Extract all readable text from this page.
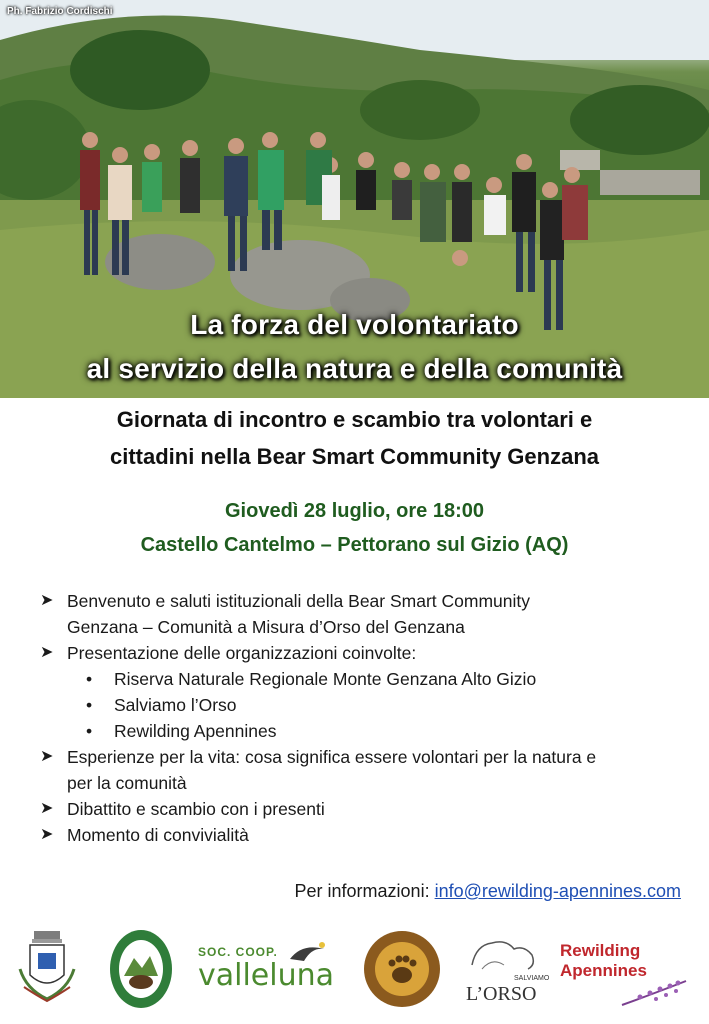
Ph. Fabrizio Cordischi
La forza del volontariato
al servizio della natura e della comunità
Giornata di incontro e scambio tra volontari e
cittadini nella Bear Smart Community Genzana
Giovedì 28 luglio, ore 18:00
Castello Cantelmo – Pettorano sul Gizio (AQ)
➤ Benvenuto e saluti istituzionali della Bear Smart Community
Genzana – Comunità a Misura d’Orso del Genzana
➤ Presentazione delle organizzazioni coinvolte:
• Riserva Naturale Regionale Monte Genzana Alto Gizio
• Salviamo l’Orso
• Rewilding Apennines
➤ Esperienze per la vita: cosa significa essere volontari per la natura e
per la comunità
➤ Dibattito e scambio con i presenti
➤ Momento di convivialità
Per informazioni: info@rewilding-apennines.com
SOC. COOP.
valleluna	SALVIAMO
L’ORSO
Rewilding
Apennines
